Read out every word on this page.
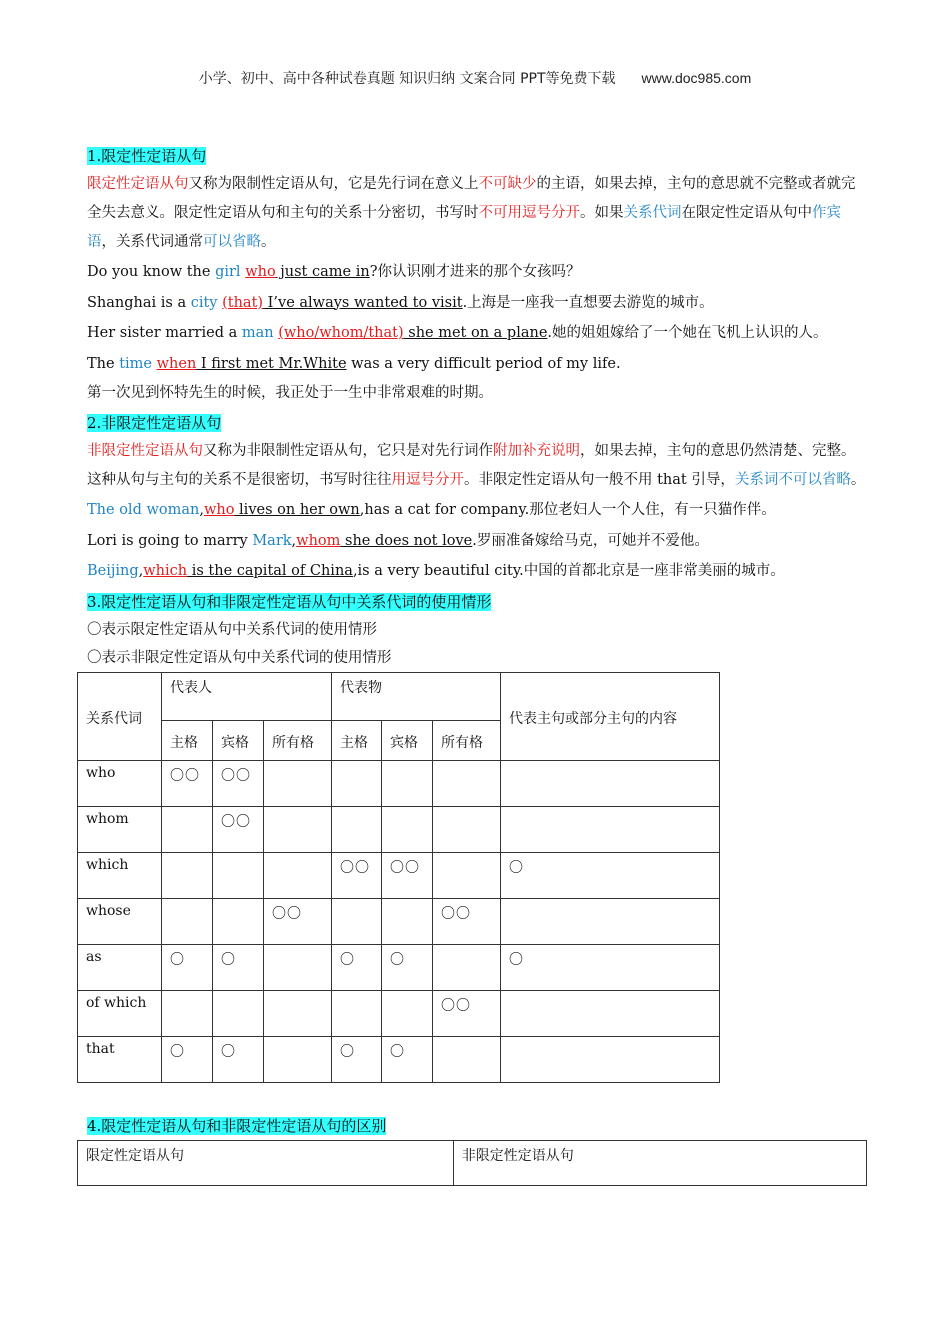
小学、初中、高中各种试卷真题 知识归纳 文案合同 PPT等免费下载 www.doc985.com

1.限定性定语从句

限定性定语从句又称为限制性定语从句，它是先行词在意义上不可缺少的主语，如果去掉，主句的意思就不完整或者就完全失去意义。限定性定语从句和主句的关系十分密切，书写时不可用逗号分开。如果关系代词在限定性定语从句中作宾语，关系代词通常可以省略。

Do you know the girl who just came in?你认识刚才进来的那个女孩吗？

Shanghai is a city (that) I’ve always wanted to visit.上海是一座我一直想要去游览的城市。

Her sister married a man (who/whom/that) she met on a plane.她的姐姐嫁给了一个她在飞机上认识的人。

The time when I first met Mr.White was a very difficult period of my life.

第一次见到怀特先生的时候，我正处于一生中非常艰难的时期。

2.非限定性定语从句

非限定性定语从句又称为非限制性定语从句，它只是对先行词作附加补充说明，如果去掉，主句的意思仍然清楚、完整。这种从句与主句的关系不是很密切，书写时往往用逗号分开。非限定性定语从句一般不用 that 引导，关系词不可以省略。

The old woman,who lives on her own,has a cat for company.那位老妇人一个人住，有一只猫作伴。

Lori is going to marry Mark,whom she does not love.罗丽准备嫁给马克，可她并不爱他。

Beijing,which is the capital of China,is a very beautiful city.中国的首都北京是一座非常美丽的城市。

3.限定性定语从句和非限定性定语从句中关系代词的使用情形

〇表示限定性定语从句中关系代词的使用情形

〇表示非限定性定语从句中关系代词的使用情形

关系代词	代表人			代表物			代表主句或部分主句的内容
	主格	宾格	所有格	主格	宾格	所有格	
who	〇〇	〇〇					
whom		〇〇					
which				〇〇	〇〇		〇
whose			〇〇			〇〇	
as	〇	〇		〇	〇		〇
of which						〇〇	
that	〇	〇		〇	〇		

4.限定性定语从句和非限定性定语从句的区别

限定性定语从句	非限定性定语从句
